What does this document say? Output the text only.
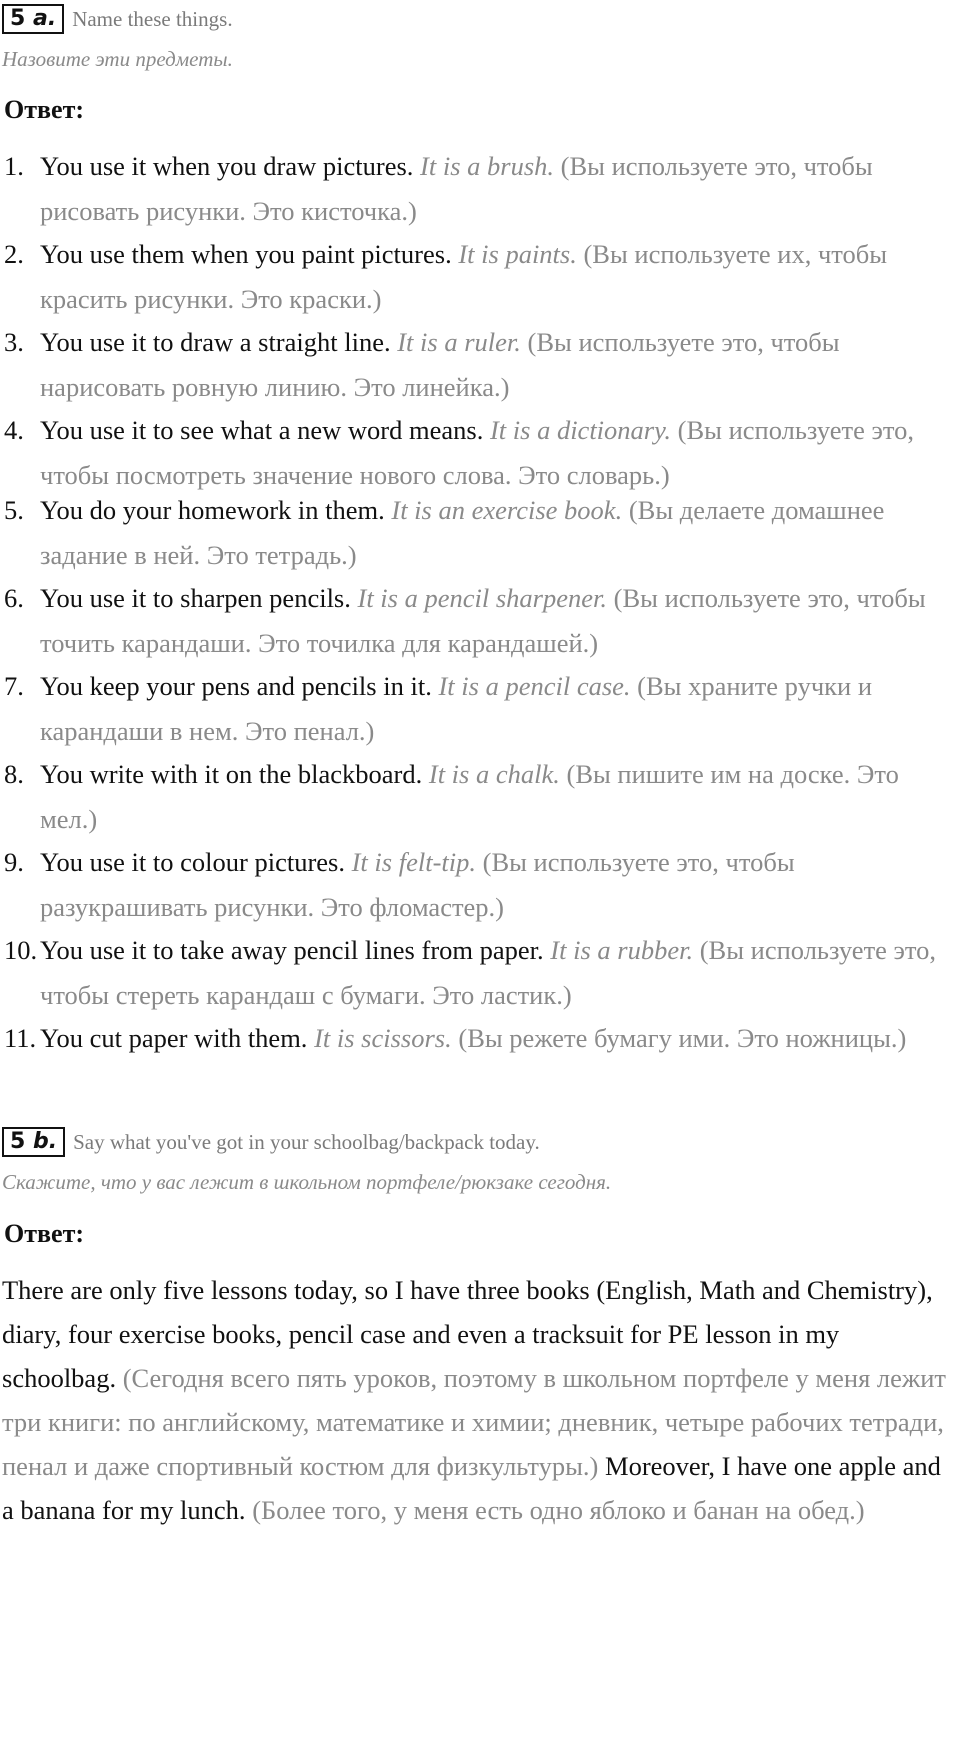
5 a. Name these things.
Назовите эти предметы.
Ответ:
1. You use it when you draw pictures. It is a brush. (Вы используете это, чтобы рисовать рисунки. Это кисточка.)
2. You use them when you paint pictures. It is paints. (Вы используете их, чтобы красить рисунки. Это краски.)
3. You use it to draw a straight line. It is a ruler. (Вы используете это, чтобы нарисовать ровную линию. Это линейка.)
4. You use it to see what a new word means. It is a dictionary. (Вы используете это, чтобы посмотреть значение нового слова. Это словарь.)
5. You do your homework in them. It is an exercise book. (Вы делаете домашнее задание в ней. Это тетрадь.)
6. You use it to sharpen pencils. It is a pencil sharpener. (Вы используете это, чтобы точить карандаши. Это точилка для карандашей.)
7. You keep your pens and pencils in it. It is a pencil case. (Вы храните ручки и карандаши в нем. Это пенал.)
8. You write with it on the blackboard. It is a chalk. (Вы пишите им на доске. Это мел.)
9. You use it to colour pictures. It is felt-tip. (Вы используете это, чтобы разукрашивать рисунки. Это фломастер.)
10. You use it to take away pencil lines from paper. It is a rubber. (Вы используете это, чтобы стереть карандаш с бумаги. Это ластик.)
11. You cut paper with them. It is scissors. (Вы режете бумагу ими. Это ножницы.)
5 b. Say what you've got in your schoolbag/backpack today.
Скажите, что у вас лежит в школьном портфеле/рюкзаке сегодня.
Ответ:
There are only five lessons today, so I have three books (English, Math and Chemistry), diary, four exercise books, pencil case and even a tracksuit for PE lesson in my schoolbag. (Сегодня всего пять уроков, поэтому в школьном портфеле у меня лежит три книги: по английскому, математике и химии; дневник, четыре рабочих тетради, пенал и даже спортивный костюм для физкультуры.) Moreover, I have one apple and a banana for my lunch. (Более того, у меня есть одно яблоко и банан на обед.)
